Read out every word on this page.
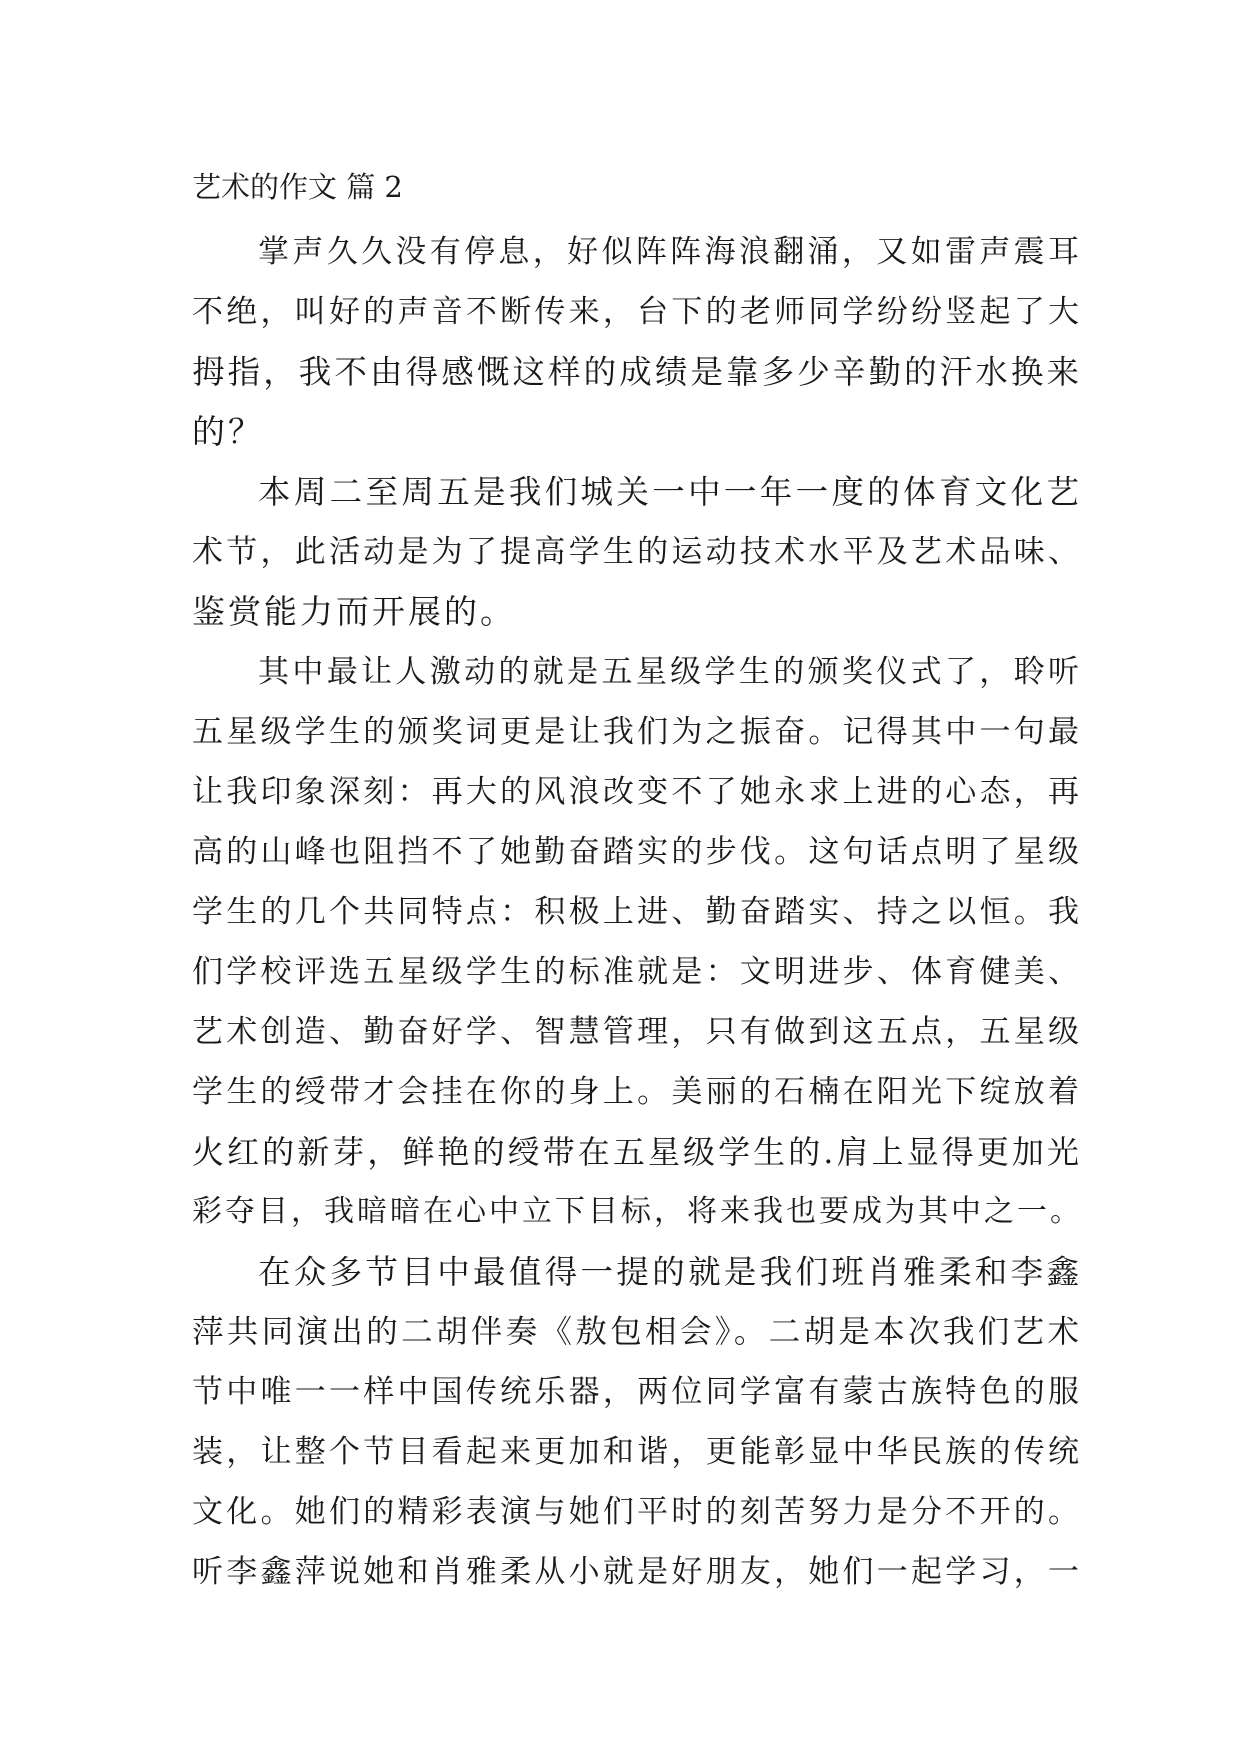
艺术的作文 篇 2
掌声久久没有停息，好似阵阵海浪翻涌，又如雷声震耳
不绝，叫好的声音不断传来，台下的老师同学纷纷竖起了大
拇指，我不由得感慨这样的成绩是靠多少辛勤的汗水换来
的？
本周二至周五是我们城关一中一年一度的体育文化艺
术节，此活动是为了提高学生的运动技术水平及艺术品味、
鉴赏能力而开展的。
其中最让人激动的就是五星级学生的颁奖仪式了，聆听
五星级学生的颁奖词更是让我们为之振奋。记得其中一句最
让我印象深刻：再大的风浪改变不了她永求上进的心态，再
高的山峰也阻挡不了她勤奋踏实的步伐。这句话点明了星级
学生的几个共同特点：积极上进、勤奋踏实、持之以恒。我
们学校评选五星级学生的标准就是：文明进步、体育健美、
艺术创造、勤奋好学、智慧管理，只有做到这五点，五星级
学生的绶带才会挂在你的身上。美丽的石楠在阳光下绽放着
火红的新芽，鲜艳的绶带在五星级学生的.肩上显得更加光
彩夺目，我暗暗在心中立下目标，将来我也要成为其中之一。
在众多节目中最值得一提的就是我们班肖雅柔和李鑫
萍共同演出的二胡伴奏《敖包相会》。二胡是本次我们艺术
节中唯一一样中国传统乐器，两位同学富有蒙古族特色的服
装，让整个节目看起来更加和谐，更能彰显中华民族的传统
文化。她们的精彩表演与她们平时的刻苦努力是分不开的。
听李鑫萍说她和肖雅柔从小就是好朋友，她们一起学习，一
